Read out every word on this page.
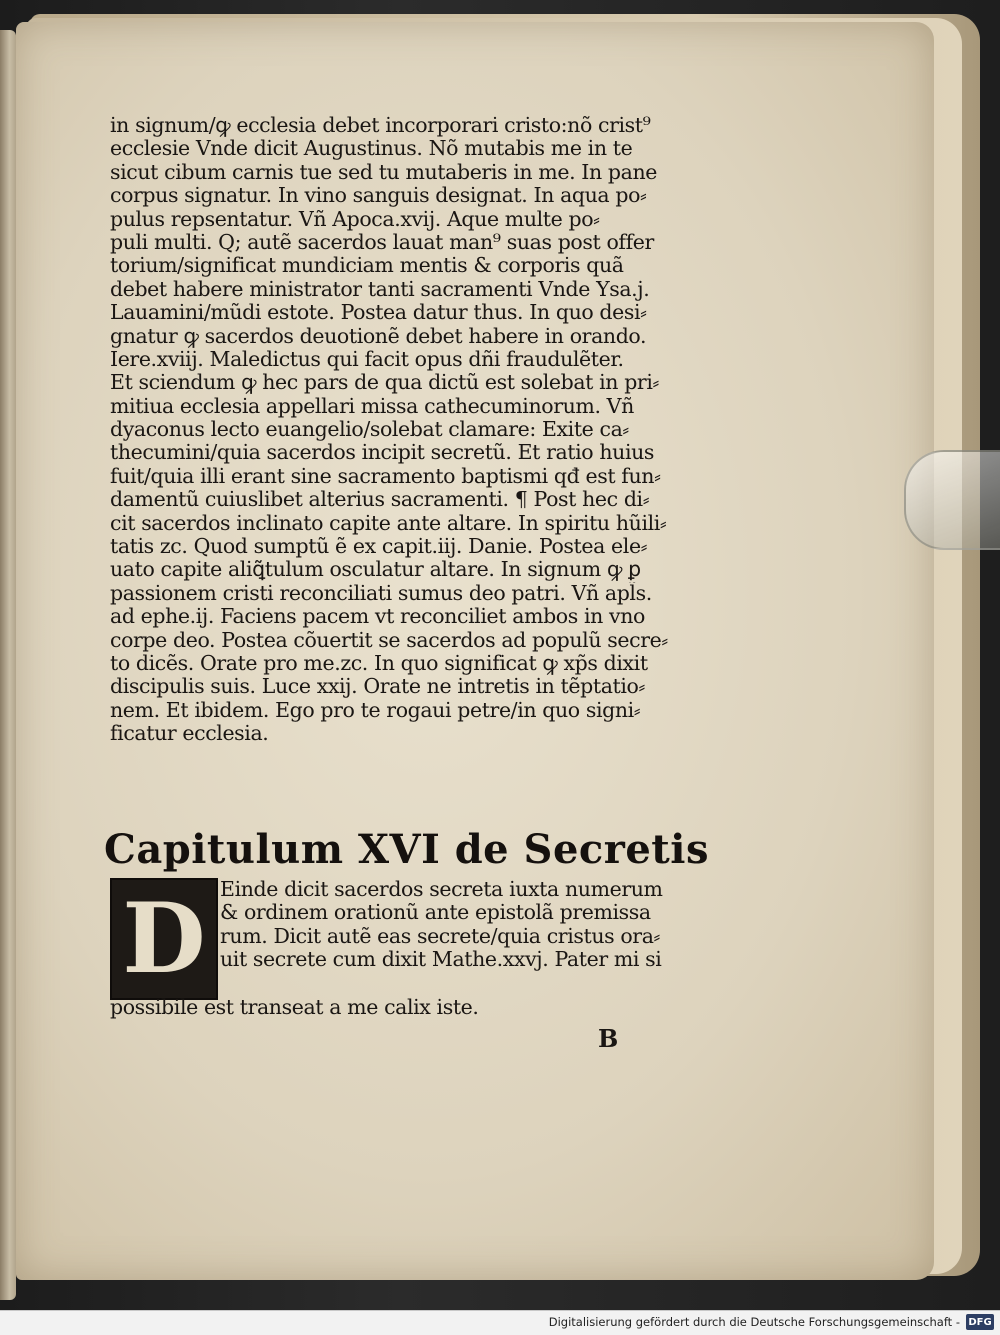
in signum/ꝙ ecclesia debet incorporari cristo:nõ crist⁹
ecclesie Vnde dicit Augustinus. Nõ mutabis me in te
sicut cibum carnis tue sed tu mutaberis in me. In pane
corpus signatur. In vino sanguis designat. In aqua po⸗
pulus repsentatur. Vñ Apoca.xvij. Aque multe po⸗
puli multi. Q; autẽ sacerdos lauat man⁹ suas post offer
torium/significat mundiciam mentis & corporis quã
debet habere ministrator tanti sacramenti Vnde Ysa.j.
Lauamini/mũdi estote. Postea datur thus. In quo desi⸗
gnatur ꝙ sacerdos deuotionẽ debet habere in orando.
Iere.xviij. Maledictus qui facit opus dñi fraudulẽter.
Et sciendum ꝙ hec pars de qua dictũ est solebat in pri⸗
mitiua ecclesia appellari missa cathecuminorum. Vñ
dyaconus lecto euangelio/solebat clamare: Exite ca⸗
thecumini/quia sacerdos incipit secretũ. Et ratio huius
fuit/quia illi erant sine sacramento baptismi qđ est fun⸗
damentũ cuiuslibet alterius sacramenti. ¶ Post hec di⸗
cit sacerdos inclinato capite ante altare. In spiritu hũili⸗
tatis zc. Quod sumptũ ẽ ex capit.iij. Danie. Postea ele⸗
uato capite aliꝗ̃tulum osculatur altare. In signum ꝙ ꝑ
passionem cristi reconciliati sumus deo patri. Vñ apl̃s.
ad ephe.ij. Faciens pacem vt reconciliet ambos in vno
corpe deo. Postea cõuertit se sacerdos ad populũ secre⸗
to dicẽs. Orate pro me.zc. In quo significat ꝙ xp̃s dixit
discipulis suis. Luce xxij. Orate ne intretis in tẽptatio⸗
nem. Et ibidem. Ego pro te rogaui petre/in quo signi⸗
ficatur ecclesia.
Capitulum XVI de Secretis
D Einde dicit sacerdos secreta iuxta numerum
& ordinem orationũ ante epistolã premissa
rum. Dicit autẽ eas secrete/quia cristus ora⸗
uit secrete cum dixit Mathe.xxvj. Pater mi si
possibile est transeat a me calix iste.
B
Digitalisierung gefördert durch die Deutsche Forschungsgemeinschaft - DFG
